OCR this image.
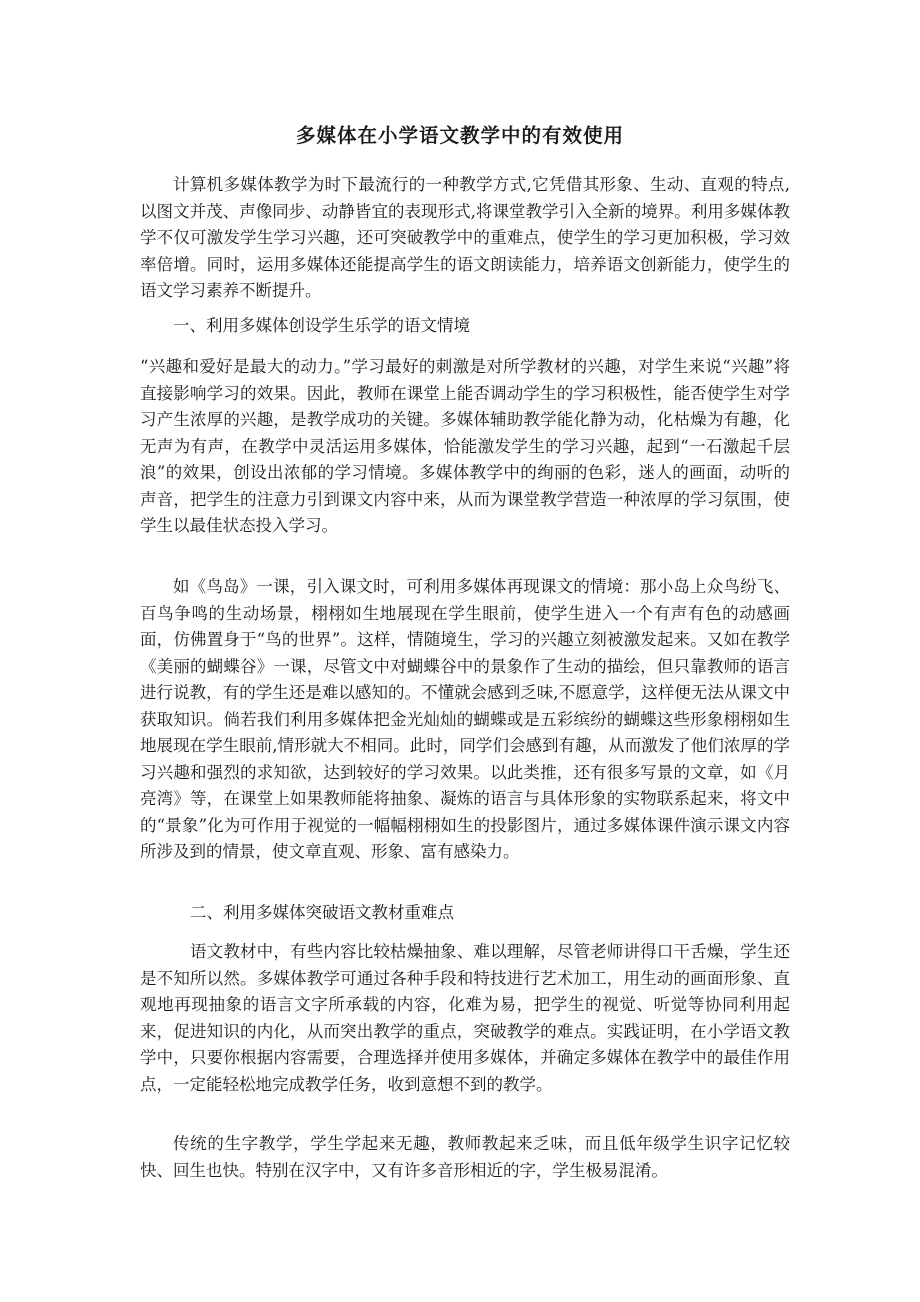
多媒体在小学语文教学中的有效使用

计算机多媒体教学为时下最流行的一种教学方式,它凭借其形象、生动、直观的特点,以图文并茂、声像同步、动静皆宜的表现形式,将课堂教学引入全新的境界。利用多媒体教学不仅可激发学生学习兴趣，还可突破教学中的重难点，使学生的学习更加积极，学习效率倍增。同时，运用多媒体还能提高学生的语文朗读能力，培养语文创新能力，使学生的语文学习素养不断提升。

一、利用多媒体创设学生乐学的语文情境

“兴趣和爱好是最大的动力。”学习最好的刺激是对所学教材的兴趣，对学生来说“兴趣”将直接影响学习的效果。因此，教师在课堂上能否调动学生的学习积极性，能否使学生对学习产生浓厚的兴趣，是教学成功的关键。多媒体辅助教学能化静为动，化枯燥为有趣，化无声为有声，在教学中灵活运用多媒体，恰能激发学生的学习兴趣，起到“一石激起千层浪”的效果，创设出浓郁的学习情境。多媒体教学中的绚丽的色彩，迷人的画面，动听的声音，把学生的注意力引到课文内容中来，从而为课堂教学营造一种浓厚的学习氛围，使学生以最佳状态投入学习。

如《鸟岛》一课，引入课文时，可利用多媒体再现课文的情境：那小岛上众鸟纷飞、百鸟争鸣的生动场景，栩栩如生地展现在学生眼前，使学生进入一个有声有色的动感画面，仿佛置身于“鸟的世界”。这样，情随境生，学习的兴趣立刻被激发起来。又如在教学《美丽的蝴蝶谷》一课，尽管文中对蝴蝶谷中的景象作了生动的描绘，但只靠教师的语言进行说教，有的学生还是难以感知的。不懂就会感到乏味,不愿意学，这样便无法从课文中获取知识。倘若我们利用多媒体把金光灿灿的蝴蝶或是五彩缤纷的蝴蝶这些形象栩栩如生地展现在学生眼前,情形就大不相同。此时，同学们会感到有趣，从而激发了他们浓厚的学习兴趣和强烈的求知欲，达到较好的学习效果。以此类推，还有很多写景的文章，如《月亮湾》等，在课堂上如果教师能将抽象、凝炼的语言与具体形象的实物联系起来，将文中的“景象”化为可作用于视觉的一幅幅栩栩如生的投影图片，通过多媒体课件演示课文内容所涉及到的情景，使文章直观、形象、富有感染力。

二、利用多媒体突破语文教材重难点

语文教材中，有些内容比较枯燥抽象、难以理解，尽管老师讲得口干舌燥，学生还是不知所以然。多媒体教学可通过各种手段和特技进行艺术加工，用生动的画面形象、直观地再现抽象的语言文字所承载的内容，化难为易，把学生的视觉、听觉等协同利用起来，促进知识的内化，从而突出教学的重点，突破教学的难点。实践证明，在小学语文教学中，只要你根据内容需要，合理选择并使用多媒体，并确定多媒体在教学中的最佳作用点，一定能轻松地完成教学任务，收到意想不到的教学。

传统的生字教学，学生学起来无趣，教师教起来乏味，而且低年级学生识字记忆较快、回生也快。特别在汉字中，又有许多音形相近的字，学生极易混淆。
